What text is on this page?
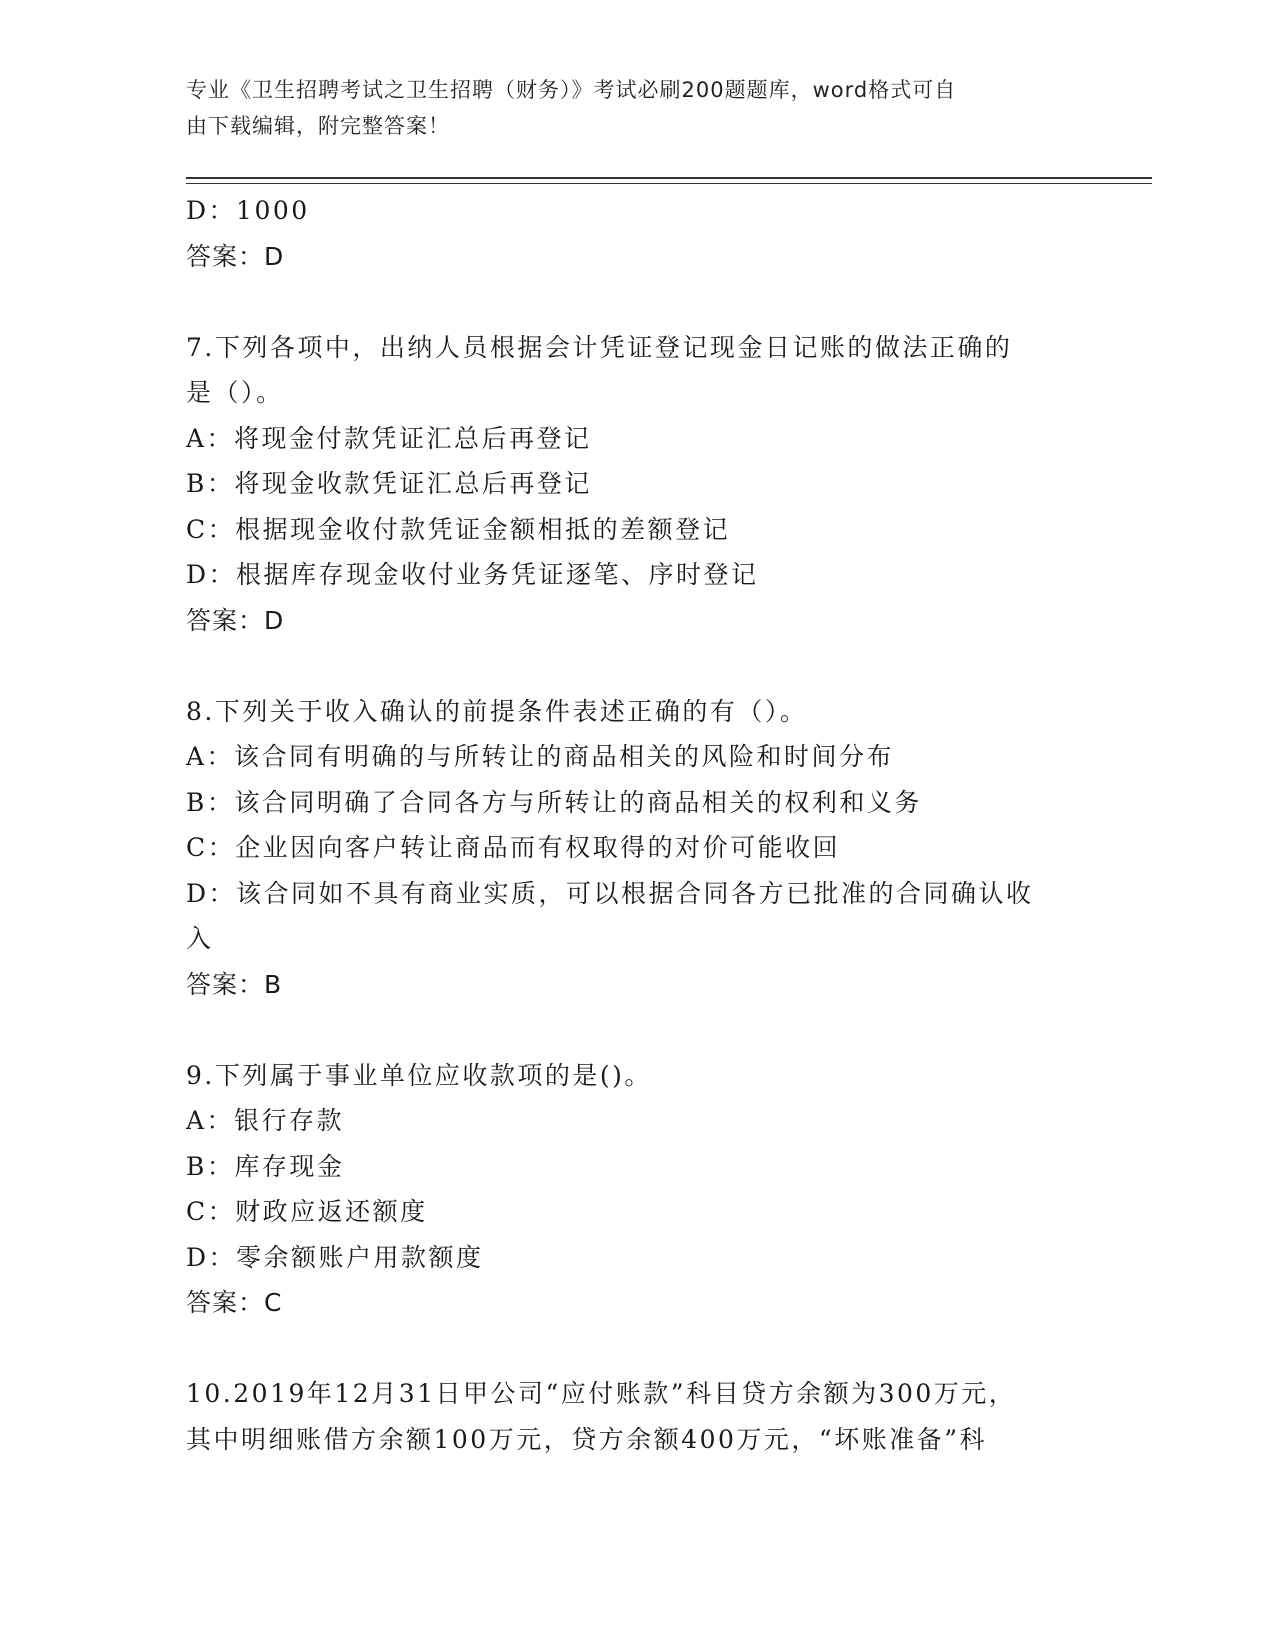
专业《卫生招聘考试之卫生招聘（财务）》考试必刷200题题库，word格式可自
由下载编辑，附完整答案！
D：1000
答案：D
7.下列各项中，出纳人员根据会计凭证登记现金日记账的做法正确的
是（）。
A：将现金付款凭证汇总后再登记
B：将现金收款凭证汇总后再登记
C：根据现金收付款凭证金额相抵的差额登记
D：根据库存现金收付业务凭证逐笔、序时登记
答案：D
8.下列关于收入确认的前提条件表述正确的有（）。
A：该合同有明确的与所转让的商品相关的风险和时间分布
B：该合同明确了合同各方与所转让的商品相关的权利和义务
C：企业因向客户转让商品而有权取得的对价可能收回
D：该合同如不具有商业实质，可以根据合同各方已批准的合同确认收
入
答案：B
9.下列属于事业单位应收款项的是()。
A：银行存款
B：库存现金
C：财政应返还额度
D：零余额账户用款额度
答案：C
10.2019年12月31日甲公司“应付账款”科目贷方余额为300万元，
其中明细账借方余额100万元，贷方余额400万元，“坏账准备”科
